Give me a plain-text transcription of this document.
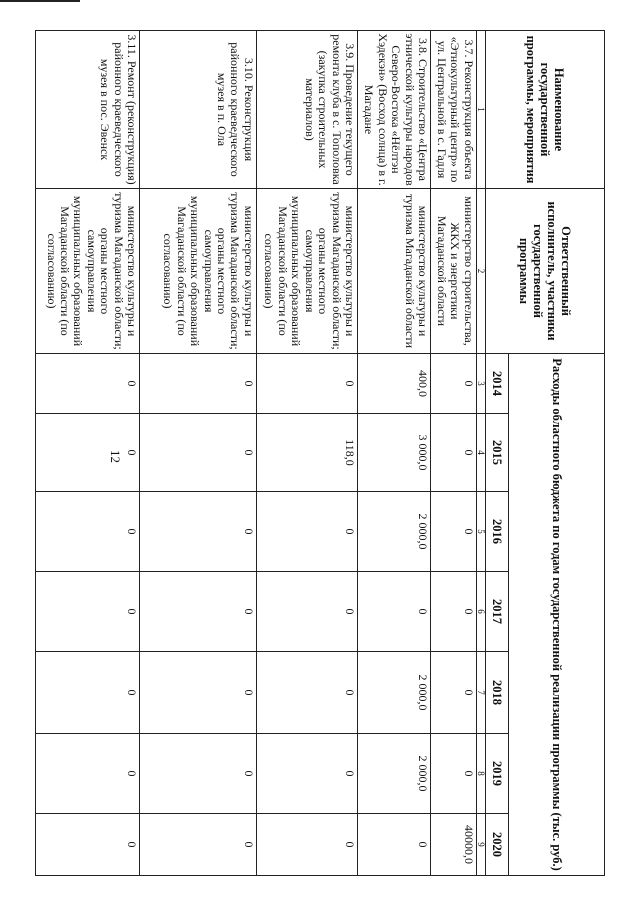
12
Наименование государственной программы, мероприятия	Ответственный исполнитель, участники государственной программы	Расходы областного бюджета по годам государственной реализации программы (тыс. руб.)						
		2014	2015	2016	2017	2018	2019	2020
1	2	3	4	5	6	7	8	9
3.7. Реконструкция объекта «Этнокультурный центр» по ул. Центральной в с. Гадля	министерство строительства, ЖКХ и энергетики Магаданской области	0	0	0	0	0	0	40000,0
3.8. Строительство «Центра этнической культуры народов Северо-Востока «Нёлтэн Хэдекэн» (Восход солнца) в г. Магадане	министерство культуры и туризма Магаданской области	400,0	3 000,0	2 000,0	0	2 000,0	2 000,0	0
3.9. Проведение текущего ремонта клуба в с. Тополовка (закупка строительных материалов)	министерство культуры и туризма Магаданской области; органы местного самоуправления муниципальных образований Магаданской области (по согласованию)	0	118,0	0	0	0	0	0
3.10. Реконструкция районного краеведческого музея в п. Ола	министерство культуры и туризма Магаданской области; органы местного самоуправления муниципальных образований Магаданской области (по согласованию)	0	0	0	0	0	0	0
3.11. Ремонт (реконструкция) районного краеведческого музея в пос. Эвенск	министерство культуры и туризма Магаданской области; органы местного самоуправления муниципальных образований Магаданской области (по согласованию)	0	0	0	0	0	0	0
